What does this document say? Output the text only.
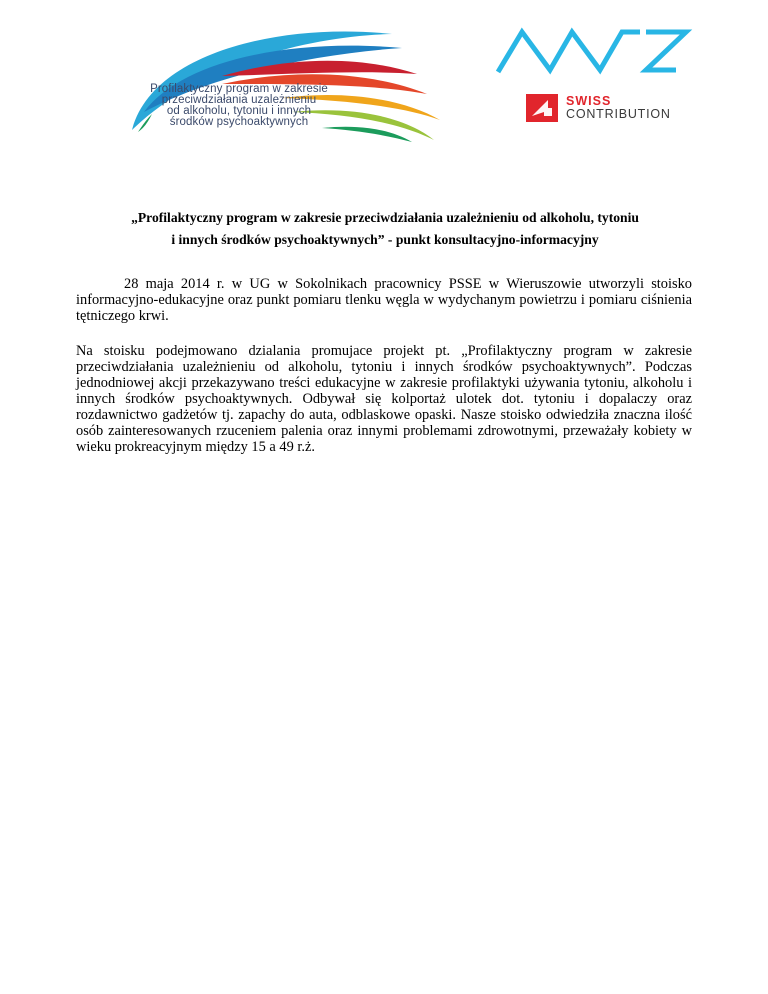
Profilaktyczny program w zakresie
przeciwdziałania uzależnieniu
od alkoholu, tytoniu i innych
środków psychoaktywnych
SWISS
CONTRIBUTION
„Profilaktyczny program w zakresie przeciwdziałania uzależnieniu od alkoholu, tytoniu
i innych środków psychoaktywnych” - punkt konsultacyjno-informacyjny

28 maja 2014 r. w UG w Sokolnikach pracownicy PSSE w Wieruszowie utworzyli stoisko informacyjno-edukacyjne oraz punkt pomiaru tlenku węgla w wydychanym powietrzu i pomiaru ciśnienia tętniczego krwi.

Na stoisku podejmowano dzialania promujace projekt pt. „Profilaktyczny program w zakresie przeciwdziałania uzależnieniu od alkoholu, tytoniu i innych środków psychoaktywnych”. Podczas jednodniowej akcji przekazywano treści edukacyjne w zakresie profilaktyki używania tytoniu, alkoholu i innych środków psychoaktywnych. Odbywał się kolportaż ulotek dot. tytoniu i dopalaczy oraz rozdawnictwo gadżetów tj. zapachy do auta, odblaskowe opaski. Nasze stoisko odwiedziła znaczna ilość osób zainteresowanych rzuceniem palenia oraz innymi problemami zdrowotnymi, przeważały kobiety w wieku prokreacyjnym między 15 a 49 r.ż.
